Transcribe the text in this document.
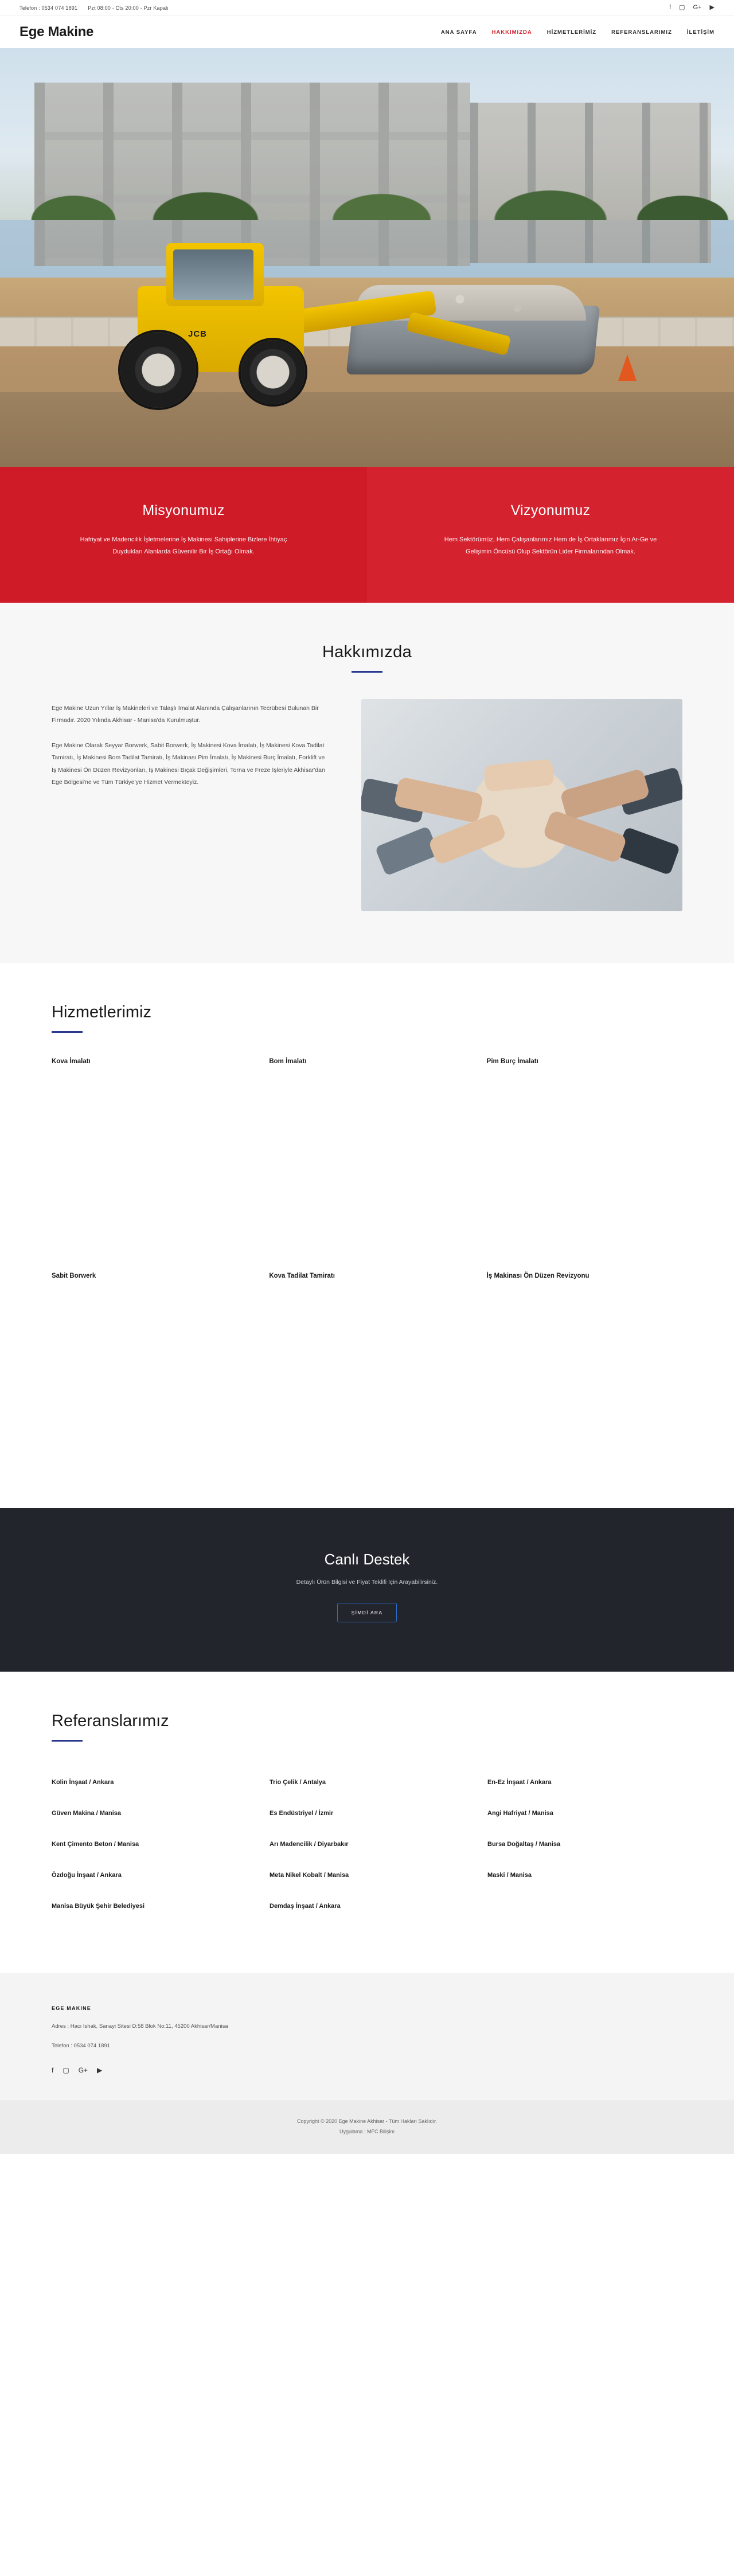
Telefon : 0534 074 1891 Pzt 08:00 - Cts 20:00 - Pzr Kapalı	f ▢ G+ ▶
Ege Makine	ANA SAYFA	HAKKIMIZDA	HİZMETLERİMİZ	REFERANSLARIMIZ	İLETİŞİM
JCB
Misyonumuz

Hafriyat ve Madencilik İşletmelerine İş Makinesi Sahiplerine Bizlere İhtiyaç Duydukları Alanlarda Güvenilir Bir İş Ortağı Olmak.

Vizyonumuz

Hem Sektörümüz, Hem Çalışanlarımız Hem de İş Ortaklarımız İçin Ar-Ge ve Gelişimin Öncüsü Olup Sektörün Lider Firmalarından Olmak.

Hakkımızda

Ege Makine Uzun Yıllar İş Makineleri ve Talaşlı İmalat Alanında Çalışanlarının Tecrübesi Bulunan Bir Firmadır. 2020 Yılında Akhisar - Manisa'da Kurulmuştur.

Ege Makine Olarak Seyyar Borwerk, Sabit Borwerk, İş Makinesi Kova İmalatı, İş Makinesi Kova Tadilat Tamiratı, İş Makinesi Bom Tadilat Tamiratı, İş Makinası Pim İmalatı, İş Makinesi Burç İmalatı, Forklift ve İş Makinesi Ön Düzen Revizyonları, İş Makinesi Bıçak Değişimleri, Torna ve Freze İşleriyle Akhisar'dan Ege Bölgesi'ne ve Tüm Türkiye'ye Hizmet Vermekteyiz.

Hizmetlerimiz
Kova İmalatı	Bom İmalatı	Pim Burç İmalatı
Sabit Borwerk	Kova Tadilat Tamiratı	İş Makinası Ön Düzen Revizyonu
Canlı Destek

Detaylı Ürün Bilgisi ve Fiyat Teklifi İçin Arayabilirsiniz.

ŞİMDİ ARA
Referanslarımız
Kolin İnşaat / Ankara	Trio Çelik / Antalya	En-Ez İnşaat / Ankara
Güven Makina / Manisa	Es Endüstriyel / İzmir	Angi Hafriyat / Manisa
Kent Çimento Beton / Manisa	Arı Madencilik / Diyarbakır	Bursa Doğaltaş / Manisa
Özdoğu İnşaat / Ankara	Meta Nikel Kobalt / Manisa	Maski / Manisa
Manisa Büyük Şehir Belediyesi	Demdaş İnşaat / Ankara
EGE MAKINE

Adres : Hacı Ishak, Sanayi Sitesi D:58 Blok No:11, 45200 Akhisar/Manisa

Telefon : 0534 074 1891

f ▢ G+ ▶
Copyright © 2020 Ege Makine Akhisar - Tüm Hakları Saklıdır.
Uygulama : MFC Bilişim
